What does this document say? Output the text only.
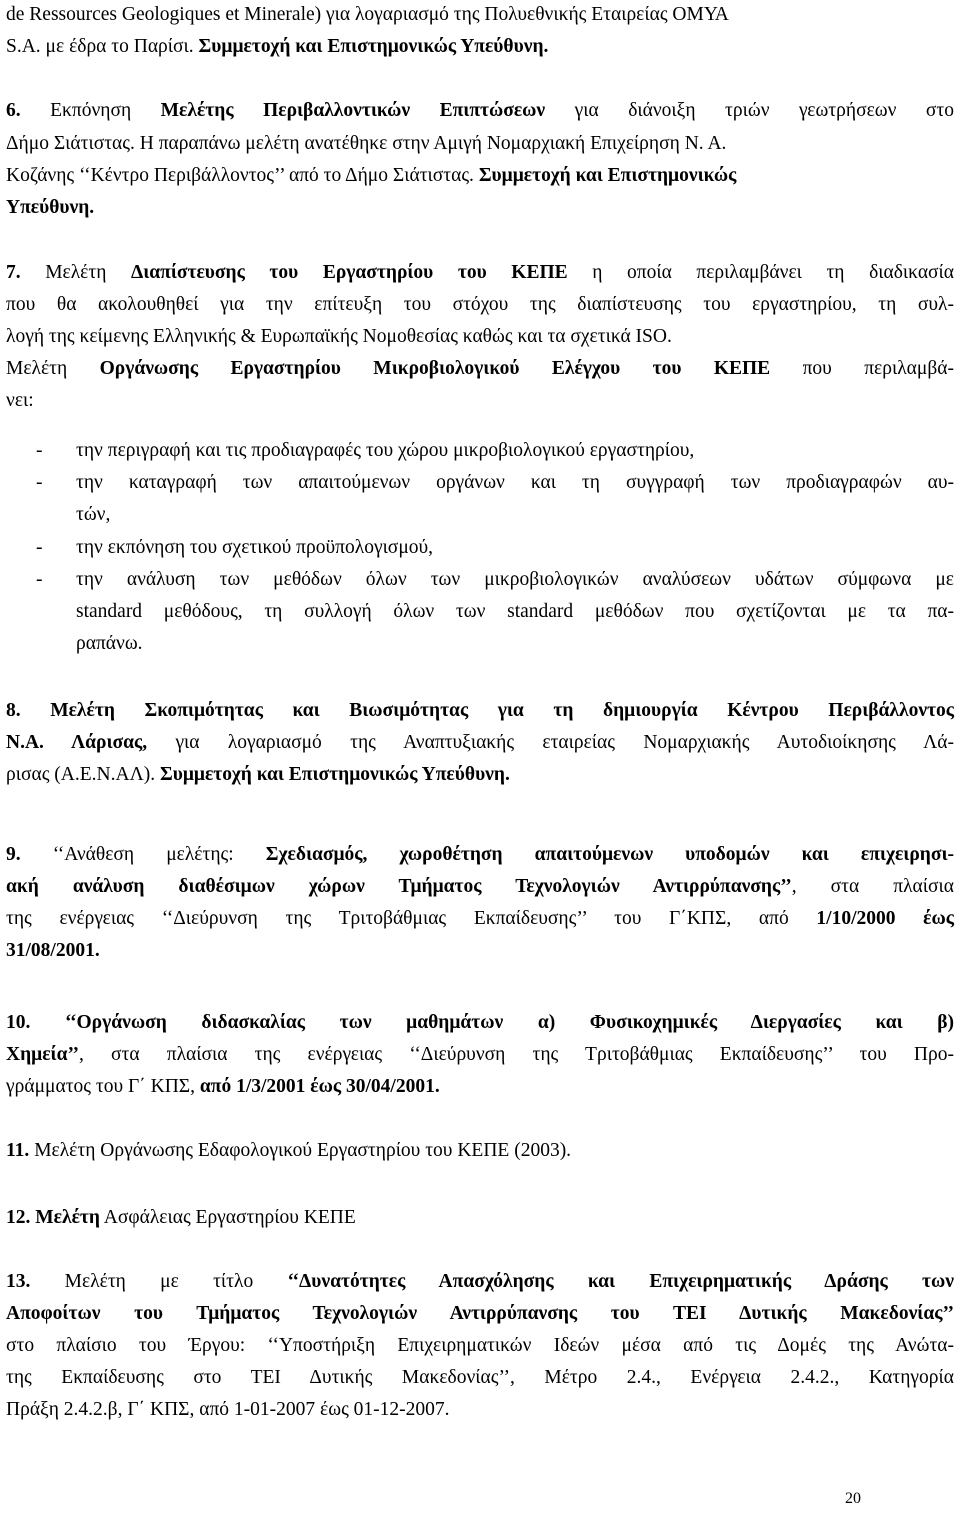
de Ressources Geologiques et Minerale) για λογαριασμό της Πολυεθνικής Εταιρείας ΟΜΥΑ
S.A. με έδρα το Παρίσι. Συμμετοχή και Επιστημονικώς Υπεύθυνη.
6. Εκπόνηση Μελέτης Περιβαλλοντικών Επιπτώσεων για διάνοιξη τριών γεωτρήσεων στο
Δήμο Σιάτιστας. Η παραπάνω μελέτη ανατέθηκε στην Αμιγή Νομαρχιακή Επιχείρηση Ν. Α.
Κοζάνης ‘‘Κέντρο Περιβάλλοντος’’ από το Δήμο Σιάτιστας. Συμμετοχή και Επιστημονικώς
Υπεύθυνη.
7. Μελέτη Διαπίστευσης του Εργαστηρίου του ΚΕΠΕ η οποία περιλαμβάνει τη διαδικασία
που θα ακολουθηθεί για την επίτευξη του στόχου της διαπίστευσης του εργαστηρίου, τη συλ-
λογή της κείμενης Ελληνικής & Ευρωπαϊκής Νομοθεσίας καθώς και τα σχετικά ISO.
Μελέτη Οργάνωσης Εργαστηρίου Μικροβιολογικού Ελέγχου του ΚΕΠΕ που περιλαμβά-
νει:
-	την περιγραφή και τις προδιαγραφές του χώρου μικροβιολογικού εργαστηρίου,
-	την καταγραφή των απαιτούμενων οργάνων και τη συγγραφή των προδιαγραφών αυ-
τών,
-	την εκπόνηση του σχετικού προϋπολογισμού,
-	την ανάλυση των μεθόδων όλων των μικροβιολογικών αναλύσεων υδάτων σύμφωνα με
standard μεθόδους, τη συλλογή όλων των standard μεθόδων που σχετίζονται με τα πα-
ραπάνω.
8. Μελέτη Σκοπιμότητας και Βιωσιμότητας για τη δημιουργία Κέντρου Περιβάλλοντος
Ν.Α. Λάρισας, για λογαριασμό της Αναπτυξιακής εταιρείας Νομαρχιακής Αυτοδιοίκησης Λά-
ρισας (Α.Ε.Ν.ΑΛ). Συμμετοχή και Επιστημονικώς Υπεύθυνη.
9. ‘‘Ανάθεση μελέτης: Σχεδιασμός, χωροθέτηση απαιτούμενων υποδομών και επιχειρησι-
ακή ανάλυση διαθέσιμων χώρων Τμήματος Τεχνολογιών Αντιρρύπανσης’’, στα πλαίσια
της ενέργειας ‘‘Διεύρυνση της Τριτοβάθμιας Εκπαίδευσης’’ του Γ΄ΚΠΣ, από 1/10/2000 έως
31/08/2001.
10. ‘‘Οργάνωση διδασκαλίας των μαθημάτων α) Φυσικοχημικές Διεργασίες και β)
Χημεία’’, στα πλαίσια της ενέργειας ‘‘Διεύρυνση της Τριτοβάθμιας Εκπαίδευσης’’ του Προ-
γράμματος του Γ΄ ΚΠΣ, από 1/3/2001 έως 30/04/2001.
11. Μελέτη Οργάνωσης Εδαφολογικού Εργαστηρίου του ΚΕΠΕ (2003).
12. Μελέτη Ασφάλειας Εργαστηρίου ΚΕΠΕ
13. Μελέτη με τίτλο ‘‘Δυνατότητες Απασχόλησης και Επιχειρηματικής Δράσης των
Αποφοίτων του Τμήματος Τεχνολογιών Αντιρρύπανσης του ΤΕΙ Δυτικής Μακεδονίας’’
στο πλαίσιο του Έργου: ‘‘Υποστήριξη Επιχειρηματικών Ιδεών μέσα από τις Δομές της Ανώτα-
της Εκπαίδευσης στο ΤΕΙ Δυτικής Μακεδονίας’’, Μέτρο 2.4., Ενέργεια 2.4.2., Κατηγορία
Πράξη 2.4.2.β, Γ΄ ΚΠΣ, από 1-01-2007 έως 01-12-2007.
20
